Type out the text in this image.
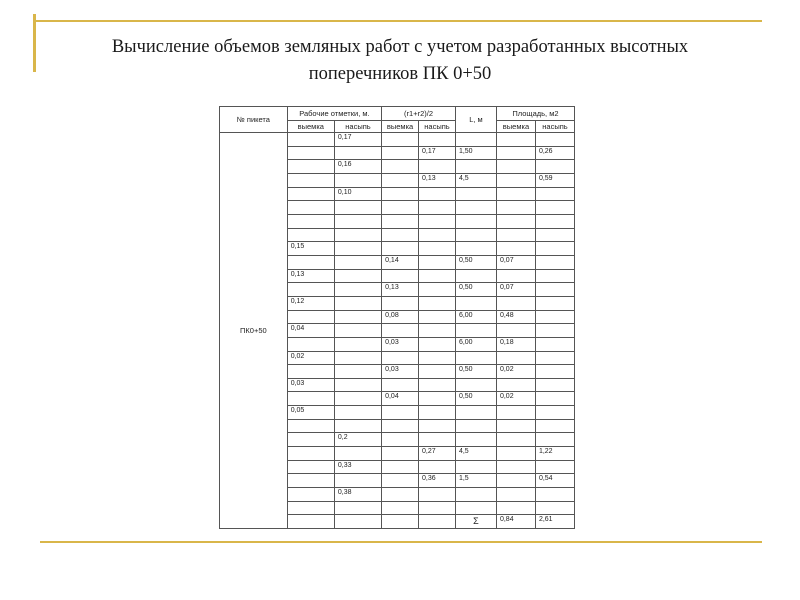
Вычисление объемов земляных работ с учетом разработанных высотных
поперечников ПК 0+50
№ пикета	Рабочие отметки, м.		(r1+r2)/2		L, м	Площадь, м2	
	выемка	насыпь	выемка	насыпь		выемка	насыпь
ПК0+50		0,17					
				0,17	1,50		0,26
		0,16					
				0,13	4,5		0,59
		0,10					

	0,15						
			0,14		0,50	0,07	
	0,13						
			0,13		0,50	0,07	
	0,12						
			0,08		6,00	0,48	
	0,04						
			0,03		6,00	0,18	
	0,02						
			0,03		0,50	0,02	
	0,03						
			0,04		0,50	0,02	
	0,05						

		0,2					
				0,27	4,5		1,22
		0,33					
				0,36	1,5		0,54
		0,38					

					Σ	0,84	2,61
